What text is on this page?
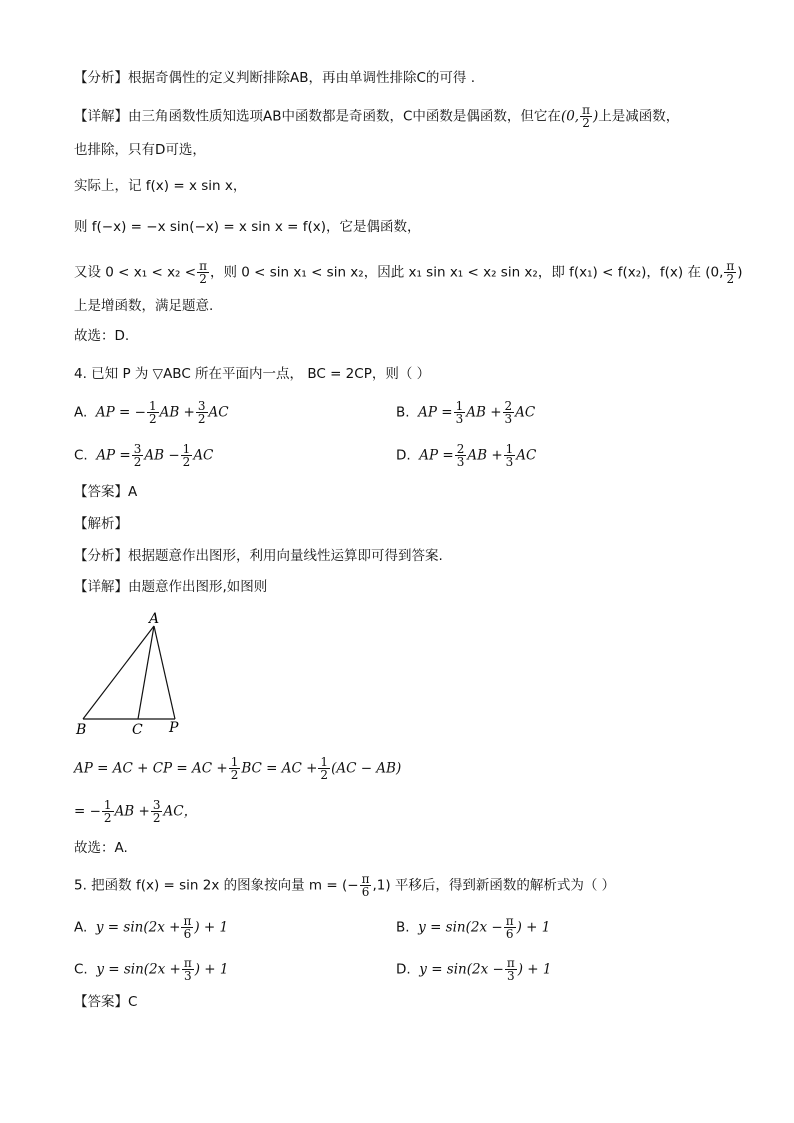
【分析】根据奇偶性的定义判断排除AB，再由单调性排除C的可得 .
【详解】由三角函数性质知选项AB中函数都是奇函数，C中函数是偶函数，但它在(0, $\frac{\pi}{2}$ )上是减函数，
也排除，只有D可选，
实际上，记 f(x) = x sin x，
则 f(−x) = −x sin(−x) = x sin x = f(x)，它是偶函数，
又设 $0 < x_1 < x_2 < \frac{\pi}{2}$ ，则 0 < sin x₁ < sin x₂，因此 x₁ sin x₁ < x₂ sin x₂，即 f(x₁) < f(x₂)，f(x) 在 (0, $\frac{\pi}{2}$ )
上是增函数，满足题意.
故选：D.
4. 已知 P 为 ▽ABC 所在平面内一点， BC = 2CP，则（ ）
A. AP = − $\frac{1}{2}$ AB + $\frac{3}{2}$ AC	B. AP = $\frac{1}{3}$ AB + $\frac{2}{3}$ AC
C. AP = $\frac{3}{2}$ AB − $\frac{1}{2}$ AC	D. AP = $\frac{2}{3}$ AB + $\frac{1}{3}$ AC
【答案】A
【解析】
【分析】根据题意作出图形，利用向量线性运算即可得到答案.
【详解】由题意作出图形,如图则
A
B	C P
AP = AC + CP = AC + $\frac{1}{2}$ BC = AC + $\frac{1}{2} (AC - AB)$
= − $\frac{1}{2}$ AB + $\frac{3}{2}$ AC，
故选：A.
5. 把函数 f(x) = sin 2x 的图象按向量 m = (− $\frac{\pi}{6} ,1$) 平移后，得到新函数的解析式为（ ）
A. $y = \sin(2x + \frac{\pi}{6}$ ) + 1	B. $y = \sin(2x - \frac{\pi}{6}$ ) + 1
C. $y = \sin(2x + \frac{\pi}{3}$ ) + 1	D. $y = \sin(2x - \frac{\pi}{3}$ ) + 1
【答案】C
